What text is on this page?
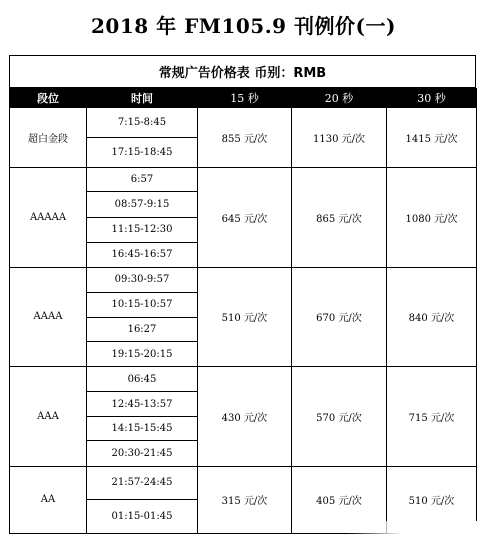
2018 年 FM105.9 刊例价(一)
常规广告价格表 币别：RMB
段位	时间	15 秒	20 秒	30 秒
超白金段	7:15-8:45	855 元/次	1130 元/次	1415 元/次
	17:15-18:45			
AAAAA	6:57	645 元/次	865 元/次	1080 元/次
	08:57-9:15			
	11:15-12:30			
	16:45-16:57			
AAAA	09:30-9:57	510 元/次	670 元/次	840 元/次
	10:15-10:57			
	16:27			
	19:15-20:15			
AAA	06:45	430 元/次	570 元/次	715 元/次
	12:45-13:57			
	14:15-15:45			
	20:30-21:45			
AA	21:57-24:45	315 元/次	405 元/次	510 元/次
	01:15-01:45			
